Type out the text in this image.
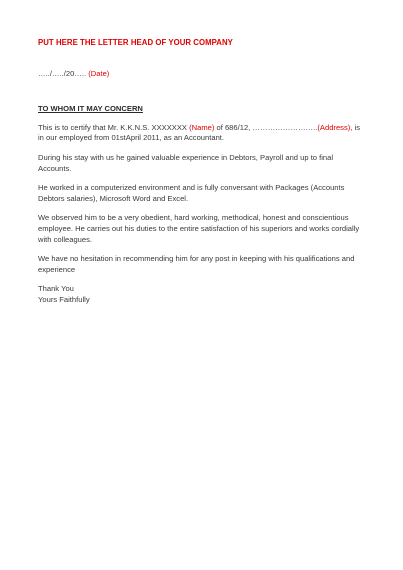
PUT HERE THE LETTER HEAD OF YOUR COMPANY

…../…../20….. (Date)

TO WHOM IT MAY CONCERN

This is to certify that Mr. K.K.N.S. XXXXXXX (Name) of 686/12, ……………………..(Address), is in our employed from 01stApril 2011, as an Accountant.

During his stay with us he gained valuable experience in Debtors, Payroll and up to final Accounts.

He worked in a computerized environment and is fully conversant with Packages (Accounts Debtors salaries), Microsoft Word and Excel.

We observed him to be a very obedient, hard working, methodical, honest and conscientious employee. He carries out his duties to the entire satisfaction of his superiors and works cordially with colleagues.

We have no hesitation in recommending him for any post in keeping with his qualifications and experience

Thank You
Yours Faithfully
